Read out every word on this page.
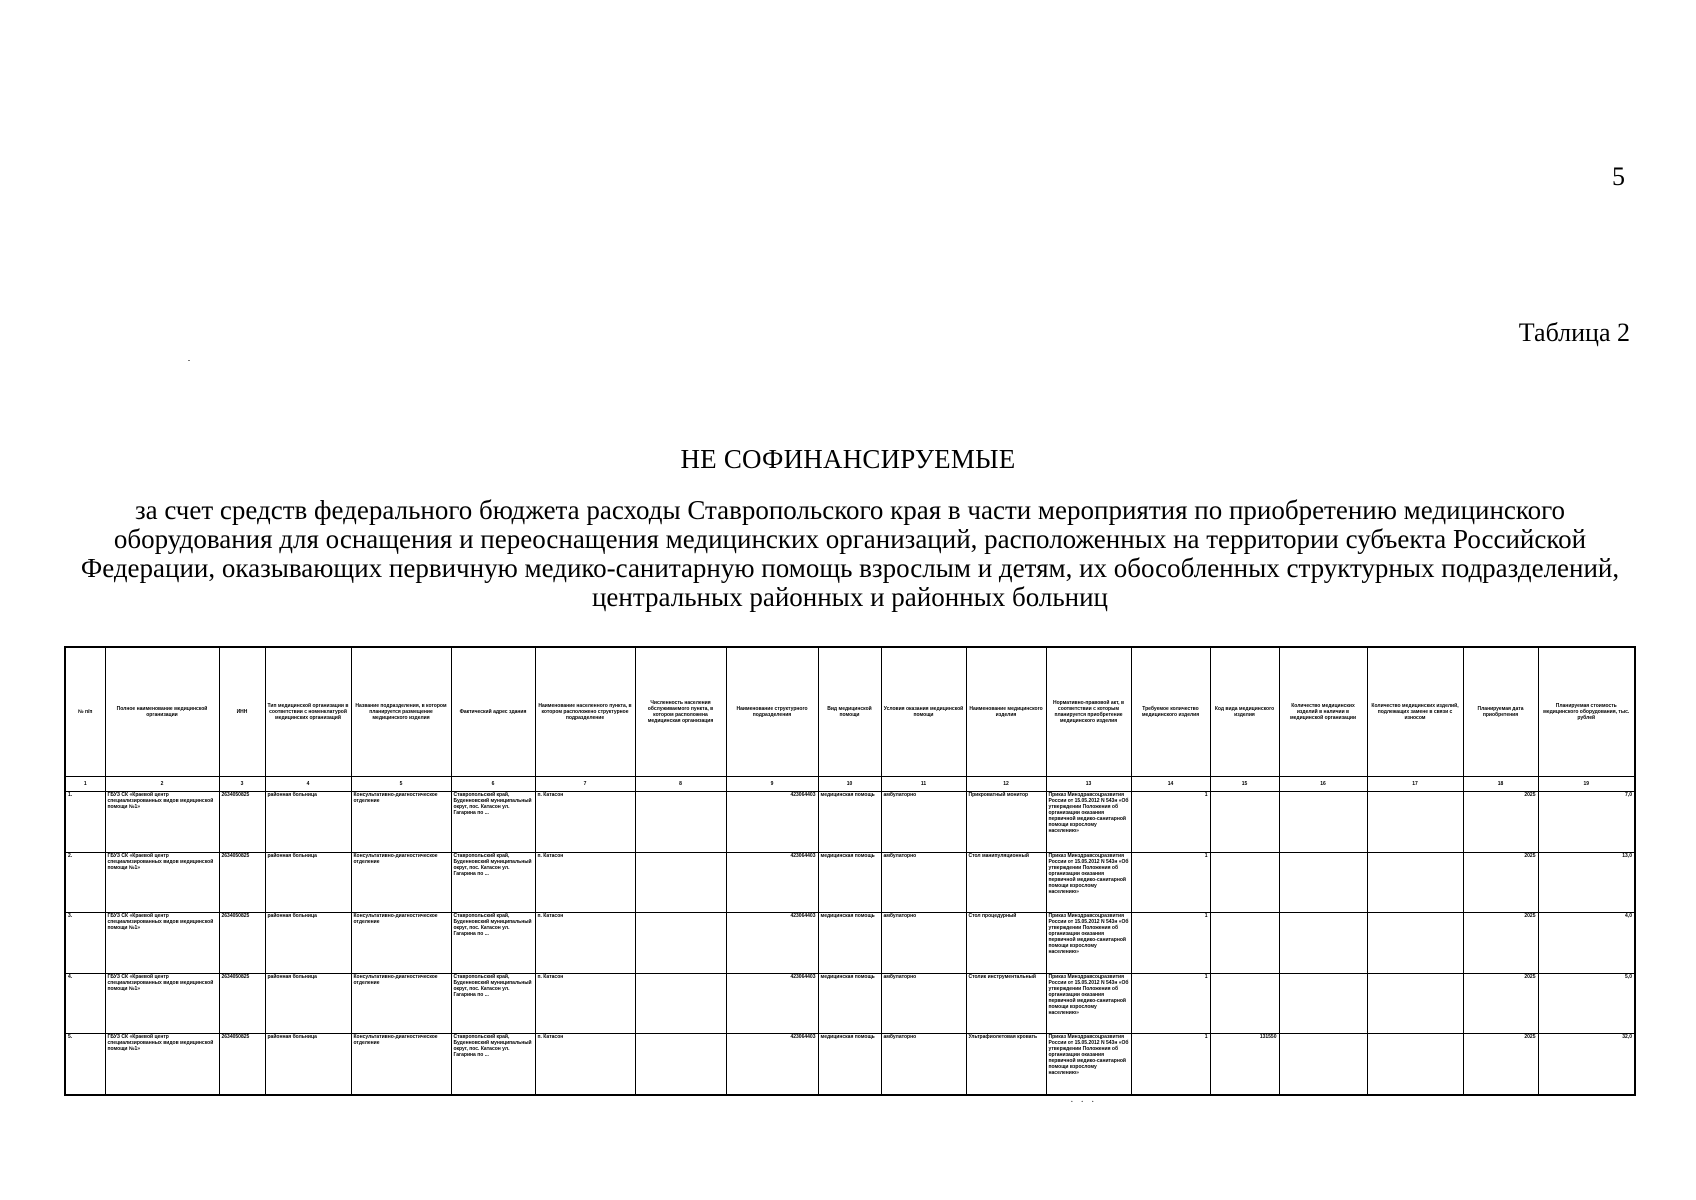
5
Таблица 2
НЕ СОФИНАНСИРУЕМЫЕ
за счет средств федерального бюджета расходы Ставропольского края в части мероприятия по приобретению медицинского оборудования для оснащения и переоснащения медицинских организаций, расположенных на территории субъекта Российской Федерации, оказывающих первичную медико-санитарную помощь взрослым и детям, их обособленных структурных подразделений, центральных районных и районных больниц
№ п/п	Полное наименование медицинской организации	ИНН	Тип медицинской организации в соответствии с номенклатурой медицинских организаций	Название подразделения, в котором планируется размещение медицинского изделия	Фактический адрес здания	Наименование населенного пункта, в котором расположено структурное подразделение	Численность населения обслуживаемого пункта, в котором расположена медицинская организация	Наименование структурного подразделения	Вид медицинской помощи	Условия оказания медицинской помощи	Наименование медицинского изделия	Нормативно-правовой акт, в соответствии с которым планируется приобретение медицинского изделия	Требуемое количество медицинского изделия	Код вида медицинского изделия	Количество медицинских изделий в наличии в медицинской организации	Количество медицинских изделий, подлежащих замене в связи с износом	Планируемая дата приобретения	Планируемая стоимость медицинского оборудования, тыс. рублей
1	2	3	4	5	6	7	8	9	10	11	12	13	14	15	16	17	18	19
1.	ГБУЗ СК «Краевой центр специализированных видов медицинской помощи №1»	2634050825	районная больница	Консультативно-диагностическое отделение	Ставропольский край, Буденновский муниципальный округ, пос. Катасон ул. Гагарина по ...	п. Катасон		423064403	медицинская помощь	амбулаторно	Прикроватный монитор	Приказ Минздравсоцразвития России от 15.05.2012 N 543н «Об утверждении Положения об организации оказания первичной медико-санитарной помощи взрослому населению»	1				2025	7,0
2.	ГБУЗ СК «Краевой центр специализированных видов медицинской помощи №1»	2634050825	районная больница	Консультативно-диагностическое отделение	Ставропольский край, Буденновский муниципальный округ, пос. Катасон ул. Гагарина по ...	п. Катасон		423064403	медицинская помощь	амбулаторно	Стол манипуляционный	Приказ Минздравсоцразвития России от 15.05.2012 N 543н «Об утверждении Положения об организации оказания первичной медико-санитарной помощи взрослому населению»	1				2025	13,0
3.	ГБУЗ СК «Краевой центр специализированных видов медицинской помощи №1»	2634050825	районная больница	Консультативно-диагностическое отделение	Ставропольский край, Буденновский муниципальный округ, пос. Катасон ул. Гагарина по ...	п. Катасон		423064403	медицинская помощь	амбулаторно	Стол процедурный	Приказ Минздравсоцразвития России от 15.05.2012 N 543н «Об утверждении Положения об организации оказания первичной медико-санитарной помощи взрослому населению»	1				2025	4,0
4.	ГБУЗ СК «Краевой центр специализированных видов медицинской помощи №1»	2634050825	районная больница	Консультативно-диагностическое отделение	Ставропольский край, Буденновский муниципальный округ, пос. Катасон ул. Гагарина по ...	п. Катасон		423064403	медицинская помощь	амбулаторно	Столик инструментальный	Приказ Минздравсоцразвития России от 15.05.2012 N 543н «Об утверждении Положения об организации оказания первичной медико-санитарной помощи взрослому населению»	1				2025	5,0
5.	ГБУЗ СК «Краевой центр специализированных видов медицинской помощи №1»	2634050825	районная больница	Консультативно-диагностическое отделение	Ставропольский край, Буденновский муниципальный округ, пос. Катасон ул. Гагарина по ...	п. Катасон		423064403	медицинская помощь	амбулаторно	Ультрафиолетовая кровать	Приказ Минздравсоцразвития России от 15.05.2012 N 543н «Об утверждении Положения об организации оказания первичной медико-санитарной помощи взрослому населению»	1	131550			2025	32,0
· · ·
